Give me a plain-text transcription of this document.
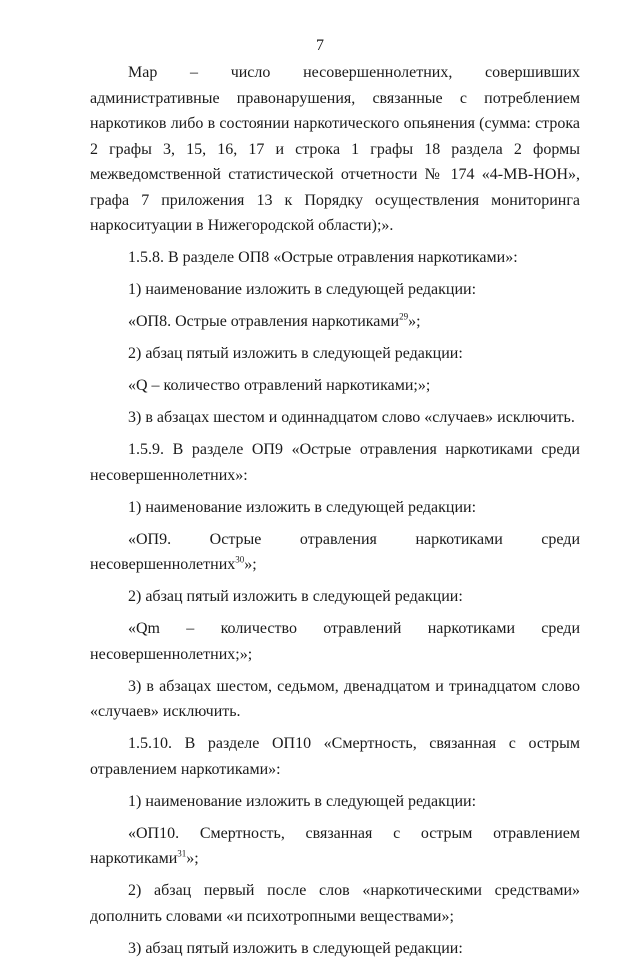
7

Map – число несовершеннолетних, совершивших административные правонарушения, связанные с потреблением наркотиков либо в состоянии наркотического опьянения (сумма: строка 2 графы 3, 15, 16, 17 и строка 1 графы 18 раздела 2 формы межведомственной статистической отчетности № 174 «4-МВ-НОН», графа 7 приложения 13 к Порядку осуществления мониторинга наркоситуации в Нижегородской области);».

1.5.8. В разделе ОП8 «Острые отравления наркотиками»:

1) наименование изложить в следующей редакции:

«ОП8. Острые отравления наркотиками$^{29}$»;

2) абзац пятый изложить в следующей редакции:

«Q – количество отравлений наркотиками;»;

3) в абзацах шестом и одиннадцатом слово «случаев» исключить.

1.5.9. В разделе ОП9 «Острые отравления наркотиками среди несовершеннолетних»:

1) наименование изложить в следующей редакции:

«ОП9. Острые отравления наркотиками среди несовершеннолетних$^{30}$»;

2) абзац пятый изложить в следующей редакции:

«Qm – количество отравлений наркотиками среди несовершеннолетних;»;

3) в абзацах шестом, седьмом, двенадцатом и тринадцатом слово «случаев» исключить.

1.5.10. В разделе ОП10 «Смертность, связанная с острым отравлением наркотиками»:

1) наименование изложить в следующей редакции:

«ОП10. Смертность, связанная с острым отравлением наркотиками$^{31}$»;

2) абзац первый после слов «наркотическими средствами» дополнить словами «и психотропными веществами»;

3) абзац пятый изложить в следующей редакции:
